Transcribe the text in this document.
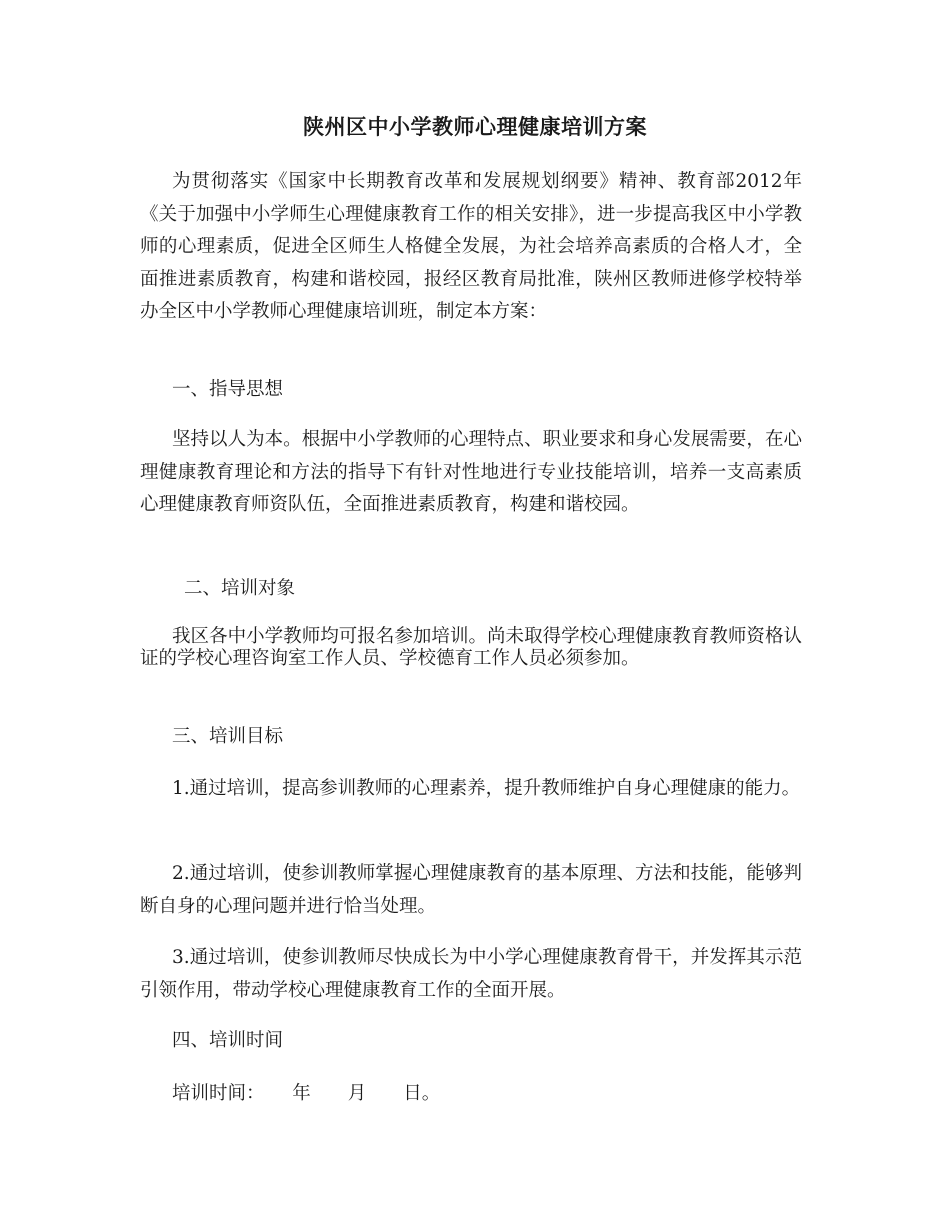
陕州区中小学教师心理健康培训方案
为贯彻落实《国家中长期教育改革和发展规划纲要》精神、教育部2012年《关于加强中小学师生心理健康教育工作的相关安排》，进一步提高我区中小学教师的心理素质，促进全区师生人格健全发展，为社会培养高素质的合格人才，全面推进素质教育，构建和谐校园，报经区教育局批准，陕州区教师进修学校特举办全区中小学教师心理健康培训班，制定本方案：
一、指导思想
坚持以人为本。根据中小学教师的心理特点、职业要求和身心发展需要，在心理健康教育理论和方法的指导下有针对性地进行专业技能培训，培养一支高素质心理健康教育师资队伍，全面推进素质教育，构建和谐校园。
二、培训对象
我区各中小学教师均可报名参加培训。尚未取得学校心理健康教育教师资格认证的学校心理咨询室工作人员、学校德育工作人员必须参加。
三、培训目标
1.通过培训，提高参训教师的心理素养，提升教师维护自身心理健康的能力。
2.通过培训，使参训教师掌握心理健康教育的基本原理、方法和技能，能够判断自身的心理问题并进行恰当处理。
3.通过培训，使参训教师尽快成长为中小学心理健康教育骨干，并发挥其示范引领作用，带动学校心理健康教育工作的全面开展。
四、培训时间
培训时间：　　年　　月　　日。
